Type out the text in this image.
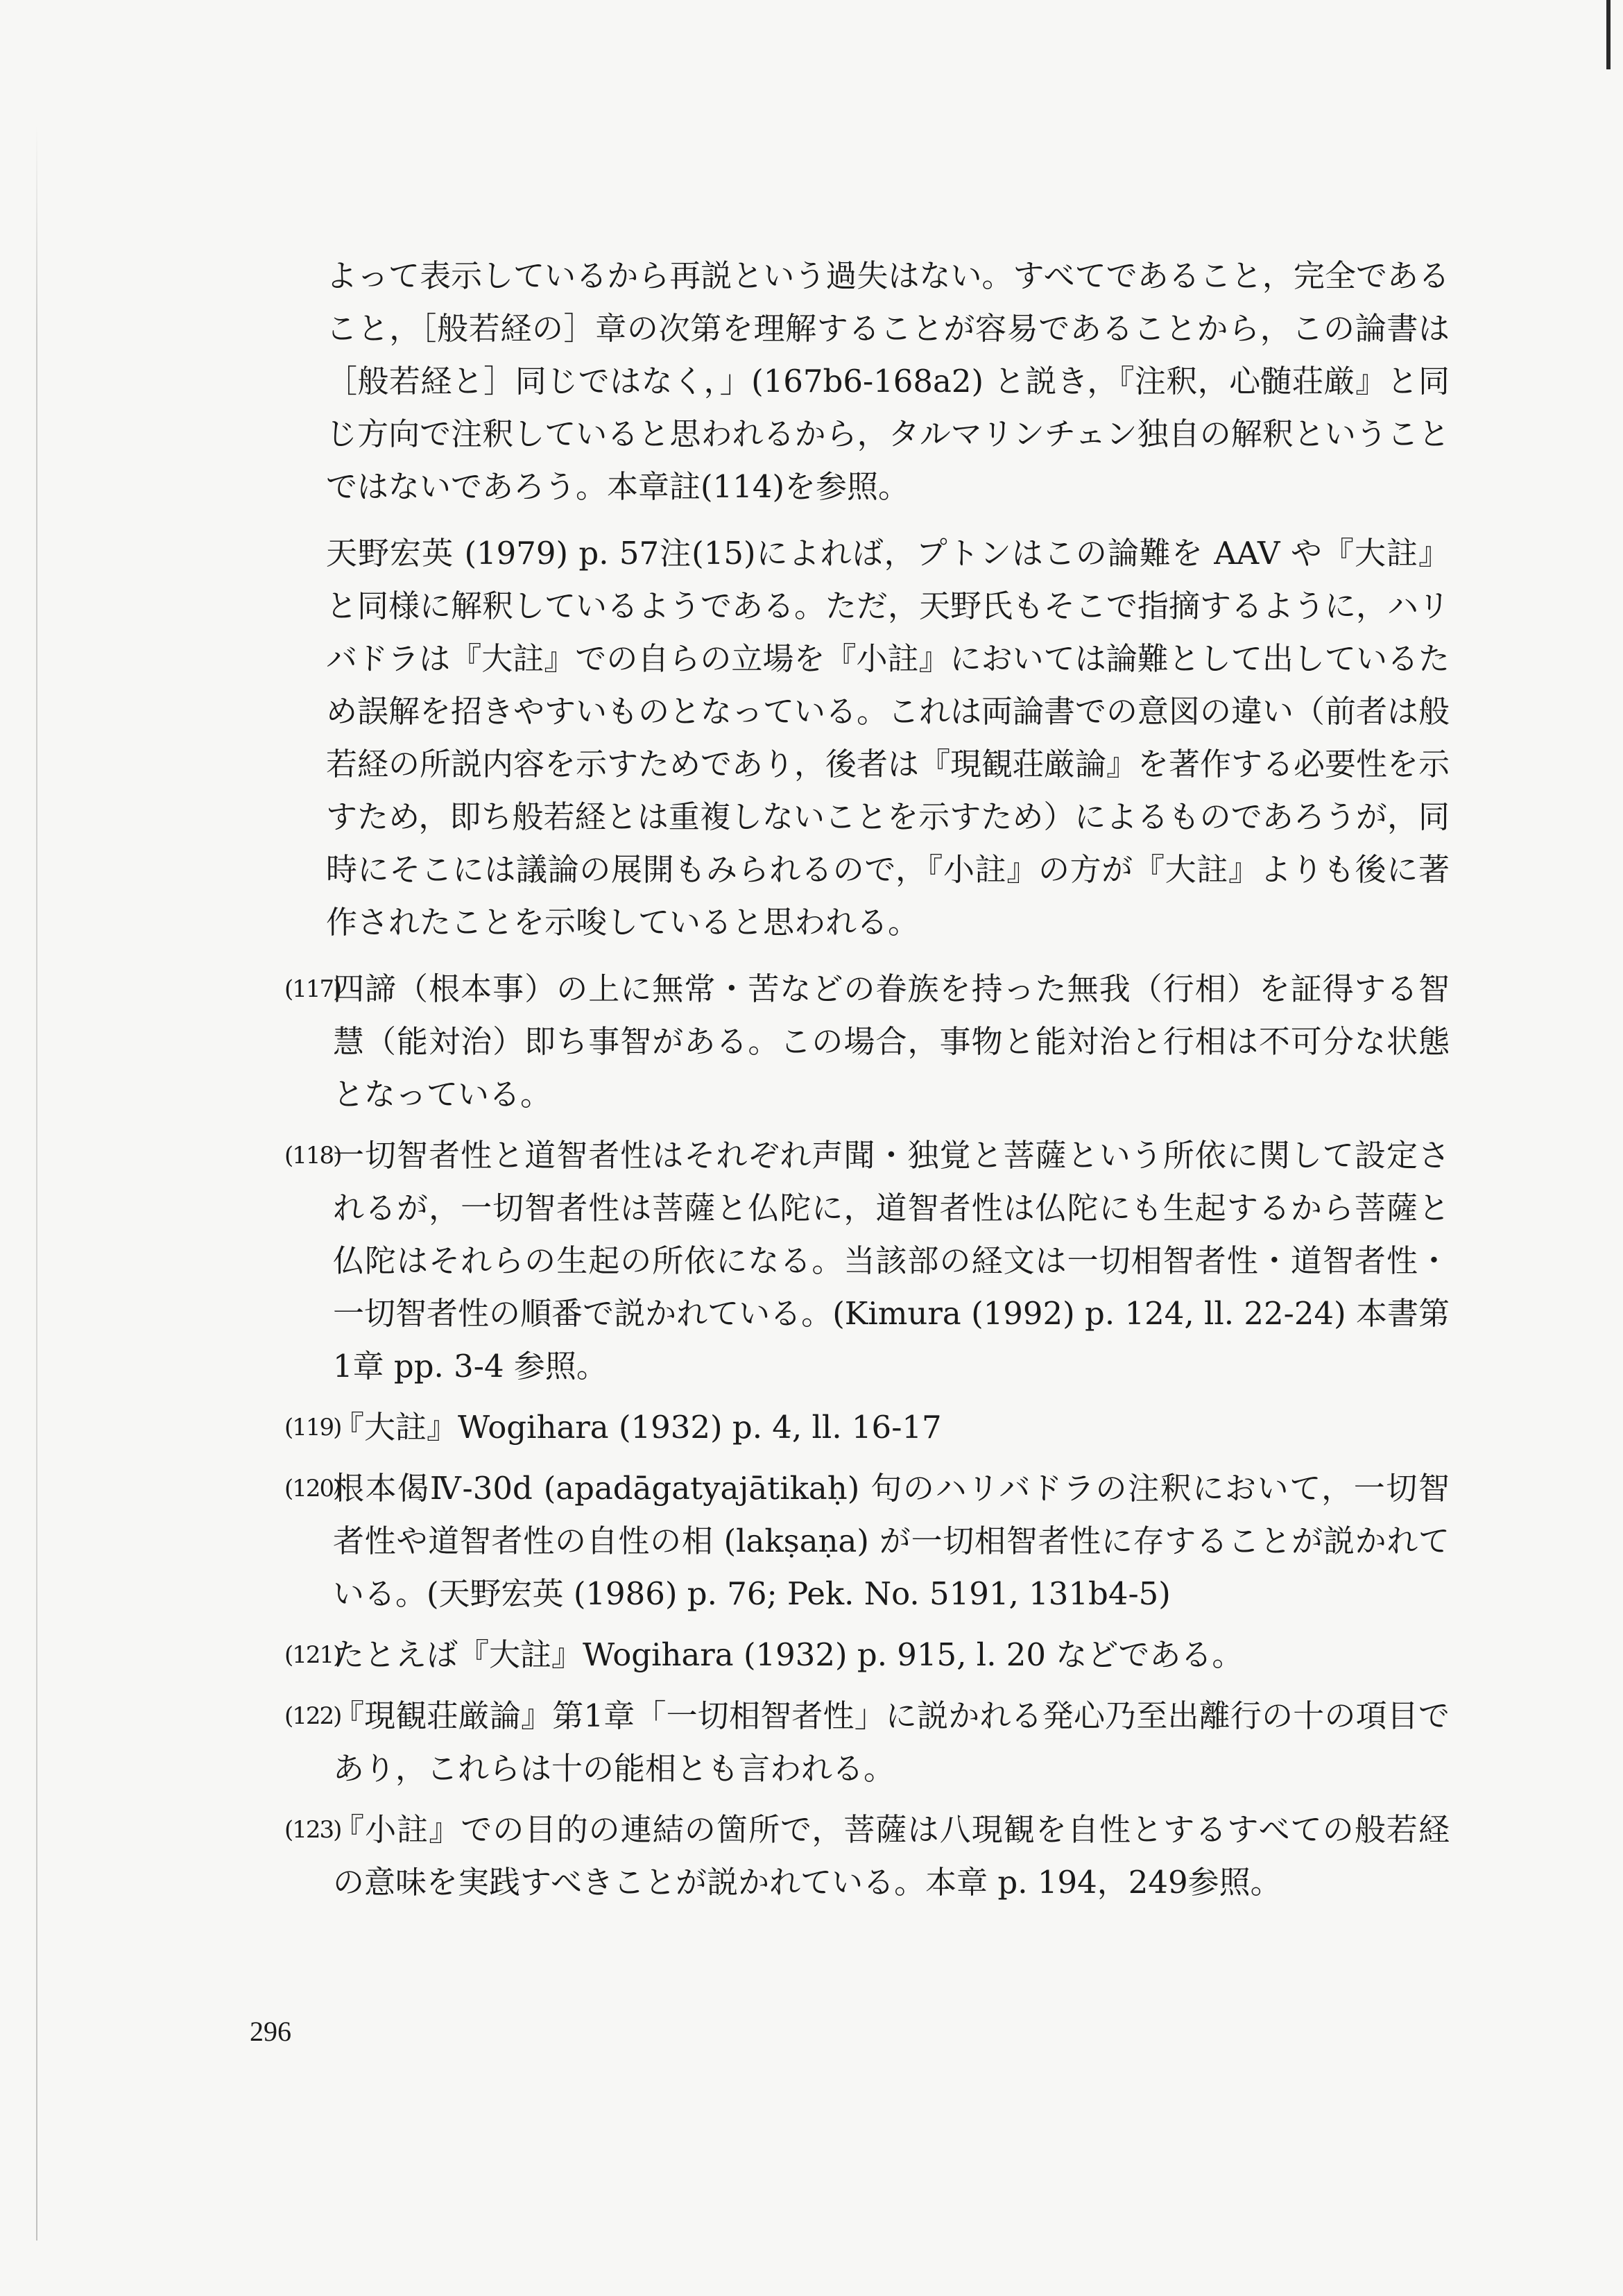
よって表示しているから再説という過失はない。すべてであること，完全であること，［般若経の］章の次第を理解することが容易であることから，この論書は［般若経と］同じではなく，」(167b6-168a2) と説き，『注釈，心髄荘厳』と同じ方向で注釈していると思われるから，タルマリンチェン独自の解釈ということではないであろう。本章註(114)を参照。

天野宏英 (1979) p. 57注(15)によれば，プトンはこの論難を AAV や『大註』と同様に解釈しているようである。ただ，天野氏もそこで指摘するように，ハリバドラは『大註』での自らの立場を『小註』においては論難として出しているため誤解を招きやすいものとなっている。これは両論書での意図の違い（前者は般若経の所説内容を示すためであり，後者は『現観荘厳論』を著作する必要性を示すため，即ち般若経とは重複しないことを示すため）によるものであろうが，同時にそこには議論の展開もみられるので，『小註』の方が『大註』よりも後に著作されたことを示唆していると思われる。

(117)
四諦（根本事）の上に無常・苦などの眷族を持った無我（行相）を証得する智慧（能対治）即ち事智がある。この場合，事物と能対治と行相は不可分な状態となっている。
(118)
一切智者性と道智者性はそれぞれ声聞・独覚と菩薩という所依に関して設定されるが，一切智者性は菩薩と仏陀に，道智者性は仏陀にも生起するから菩薩と仏陀はそれらの生起の所依になる。当該部の経文は一切相智者性・道智者性・一切智者性の順番で説かれている。(Kimura (1992) p. 124, ll. 22-24) 本書第1章 pp. 3-4 参照。
(119)
『大註』Wogihara (1932) p. 4, ll. 16-17
(120)
根本偈Ⅳ-30d (apadāgatyajātikaḥ) 句のハリバドラの注釈において，一切智者性や道智者性の自性の相 (lakṣaṇa) が一切相智者性に存することが説かれている。(天野宏英 (1986) p. 76; Pek. No. 5191, 131b4-5)
(121)
たとえば『大註』Wogihara (1932) p. 915, l. 20 などである。
(122)
『現観荘厳論』第1章「一切相智者性」に説かれる発心乃至出離行の十の項目であり，これらは十の能相とも言われる。
(123)
『小註』での目的の連結の箇所で，菩薩は八現観を自性とするすべての般若経の意味を実践すべきことが説かれている。本章 p. 194，249参照。
296
